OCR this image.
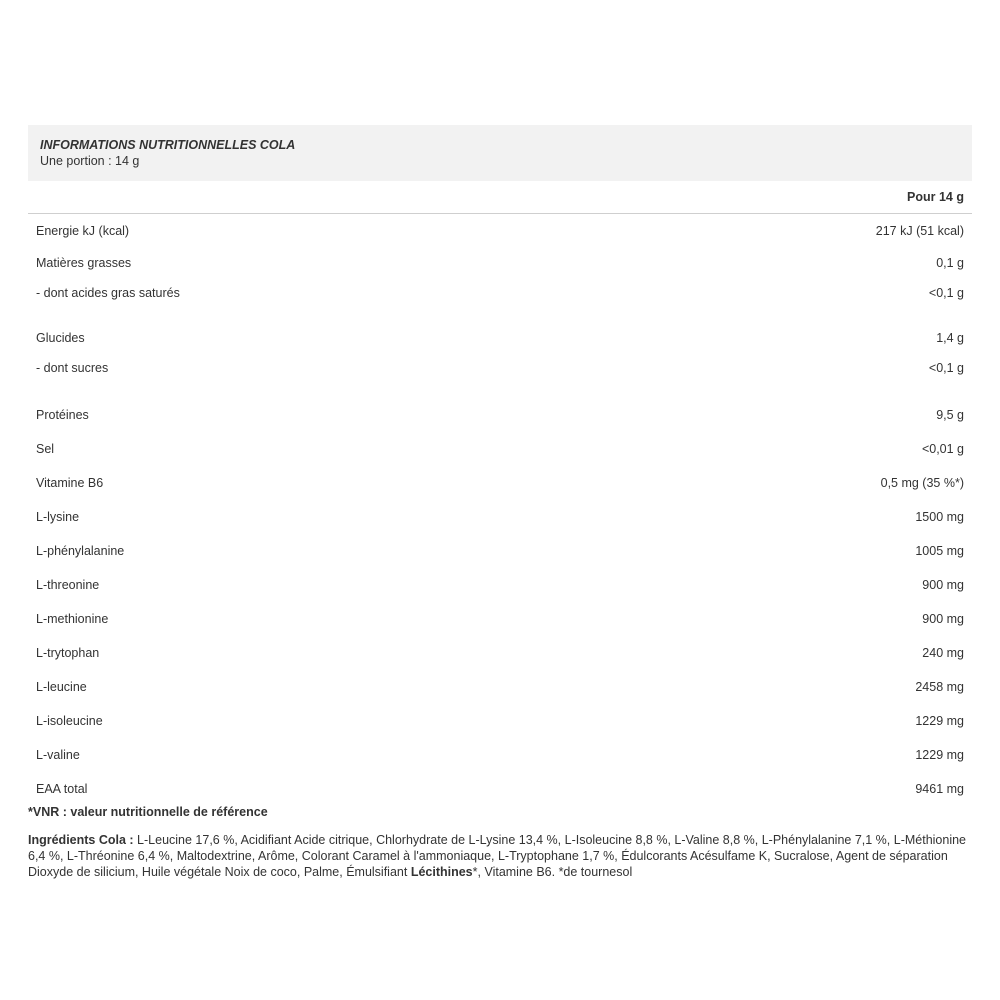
INFORMATIONS NUTRITIONNELLES COLA
Une portion : 14 g
Pour 14 g
Energie kJ (kcal)	217 kJ (51 kcal)
Matières grasses	0,1 g
- dont acides gras saturés	<0,1 g
Glucides	1,4 g
- dont sucres	<0,1 g
Protéines	9,5 g
Sel	<0,01 g
Vitamine B6	0,5 mg (35 %*)
L-lysine	1500 mg
L-phénylalanine	1005 mg
L-threonine	900 mg
L-methionine	900 mg
L-trytophan	240 mg
L-leucine	2458 mg
L-isoleucine	1229 mg
L-valine	1229 mg
EAA total	9461 mg
*VNR : valeur nutritionnelle de référence
Ingrédients Cola : L-Leucine 17,6 %, Acidifiant Acide citrique, Chlorhydrate de L-Lysine 13,4 %, L-Isoleucine 8,8 %, L-Valine 8,8 %, L-Phénylalanine 7,1 %, L-Méthionine 6,4 %, L-Thréonine 6,4 %, Maltodextrine, Arôme, Colorant Caramel à l'ammoniaque, L-Tryptophane 1,7 %, Édulcorants Acésulfame K, Sucralose, Agent de séparation Dioxyde de silicium, Huile végétale Noix de coco, Palme, Émulsifiant Lécithines*, Vitamine B6. *de tournesol
